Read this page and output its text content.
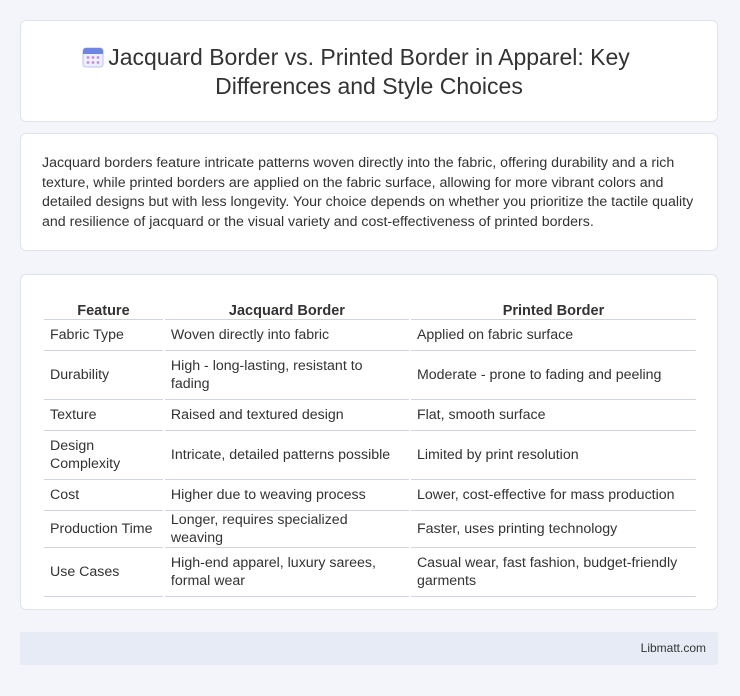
Jacquard Border vs. Printed Border in Apparel: Key Differences and Style Choices
Jacquard borders feature intricate patterns woven directly into the fabric, offering durability and a rich texture, while printed borders are applied on the fabric surface, allowing for more vibrant colors and detailed designs but with less longevity. Your choice depends on whether you prioritize the tactile quality and resilience of jacquard or the visual variety and cost-effectiveness of printed borders.
Feature	Jacquard Border	Printed Border
Fabric Type	Woven directly into fabric	Applied on fabric surface
Durability	High - long-lasting, resistant to fading	Moderate - prone to fading and peeling
Texture	Raised and textured design	Flat, smooth surface
Design Complexity	Intricate, detailed patterns possible	Limited by print resolution
Cost	Higher due to weaving process	Lower, cost-effective for mass production
Production Time	Longer, requires specialized weaving	Faster, uses printing technology
Use Cases	High-end apparel, luxury sarees, formal wear	Casual wear, fast fashion, budget-friendly garments
Libmatt.com
